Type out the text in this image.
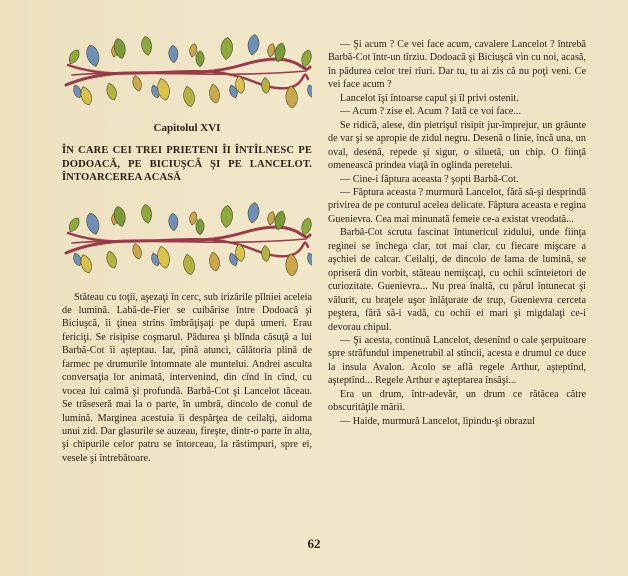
Capitolul XVI
ÎN CARE CEI TREI PRIETENI ÎI ÎNTÎLNESC PE DODOACĂ, PE BICIUŞCĂ ŞI PE LANCELOT. ÎNTOARCEREA ACASĂ

Stăteau cu toţii, aşezaţi în cerc, sub irizările pîlniei aceleia de lumină. Labă-de-Fier se cuibărise între Dodoacă şi Biciuşcă, îi ţinea strîns îmbrăţişaţi pe după umeri. Erau fericiţi. Se risipise coşmarul. Pădurea şi blînda căsuţă a lui Barbă-Cot îi aşteptau. Iar, pînă atunci, călătoria plină de farmec pe drumurile întomnate ale muntelui. Andrei asculta conversaţia lor animată, intervenind, din cînd în cînd, cu vocea lui calmă şi profundă. Barbă-Cot şi Lancelot tăceau. Se trăseseră mai la o parte, în umbră, dincolo de conul de lumină. Marginea acestuia îi despărţea de ceilalţi, aidoma unui zid. Dar glasurile se auzeau, fireşte, dintr-o parte în alta, şi chipurile celor patru se întorceau, la răstimpuri, spre ei, vesele şi întrebătoare.

— Şi acum ? Ce vei face acum, cavalere Lancelot ? întrebă Barbă-Cot într-un tîrziu. Dodoacă şi Biciuşcă vin cu noi, acasă, în pădurea celor trei rîuri. Dar tu, tu ai zis că nu poţi veni. Ce vei face acum ?

Lancelot îşi întoarse capul şi îl privi ostenit.

— Acum ? zise el. Acum ? Iată ce voi face...

Se ridică, alese, din pietrişul risipit jur-împrejur, un grăunte de var şi se apropie de zidul negru. Desenă o linie, încă una, un oval, desenă, repede şi sigur, o siluetă, un chip. O fiinţă omenească prindea viaţă în oglinda peretelui.

— Cine-i făptura aceasta ? şopti Barbă-Cot.

— Făptura aceasta ? murmură Lancelot, fără să-şi desprindă privirea de pe conturul acelea delicate. Făptura aceasta e regina Guenievra. Cea mai minunată femeie ce-a existat vreodată...

Barbă-Cot scruta fascinat întunericul zidului, unde fiinţa reginei se închega clar, tot mai clar, cu fiecare mişcare a aşchiei de calcar. Ceilalţi, de dincolo de lama de lumină, se opriseră din vorbit, stăteau nemişcaţi, cu ochii scînteietori de curiozitate. Guenievra... Nu prea înaltă, cu părul întunecat şi vălurit, cu braţele uşor înlăţurate de trup, Guenievra cerceta peştera, fără să-i vadă, cu ochii ei mari şi migdalaţi ce-i devorau chipul.

— Şi acesta, continuă Lancelot, desenînd o cale şerpuitoare spre străfundul impenetrabil al stîncii, acesta e drumul ce duce la insula Avalon. Acolo se află regele Arthur, aşteptînd, aşteptînd... Regele Arthur e aşteptarea însăşi...

Era un drum, într-adevăr, un drum ce rătăcea către obscurităţile mării.

— Haide, murmură Lancelot, lipindu-şi obrazul

62
